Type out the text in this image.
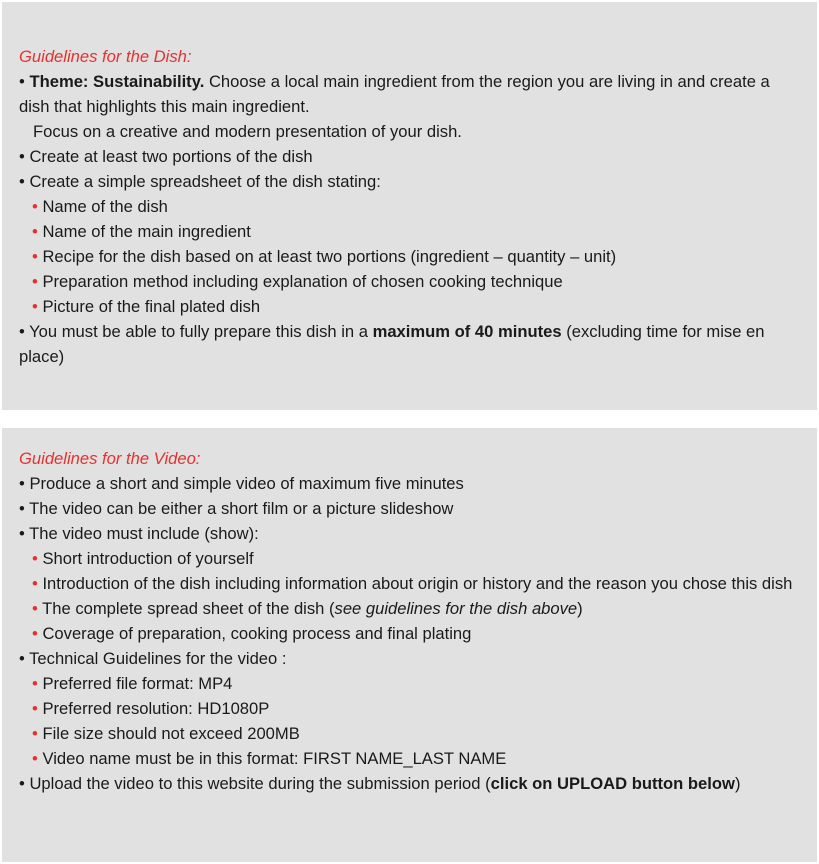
Guidelines for the Dish:
• Theme: Sustainability. Choose a local main ingredient from the region you are living in and create a dish that highlights this main ingredient.
Focus on a creative and modern presentation of your dish.
• Create at least two portions of the dish
• Create a simple spreadsheet of the dish stating:
• Name of the dish
• Name of the main ingredient
• Recipe for the dish based on at least two portions (ingredient – quantity – unit)
• Preparation method including explanation of chosen cooking technique
• Picture of the final plated dish
• You must be able to fully prepare this dish in a maximum of 40 minutes (excluding time for mise en place)
Guidelines for the Video:
• Produce a short and simple video of maximum five minutes
• The video can be either a short film or a picture slideshow
• The video must include (show):
• Short introduction of yourself
• Introduction of the dish including information about origin or history and the reason you chose this dish
• The complete spread sheet of the dish (see guidelines for the dish above)
• Coverage of preparation, cooking process and final plating
• Technical Guidelines for the video :
• Preferred file format: MP4
• Preferred resolution: HD1080P
• File size should not exceed 200MB
• Video name must be in this format: FIRST NAME_LAST NAME
• Upload the video to this website during the submission period (click on UPLOAD button below)
